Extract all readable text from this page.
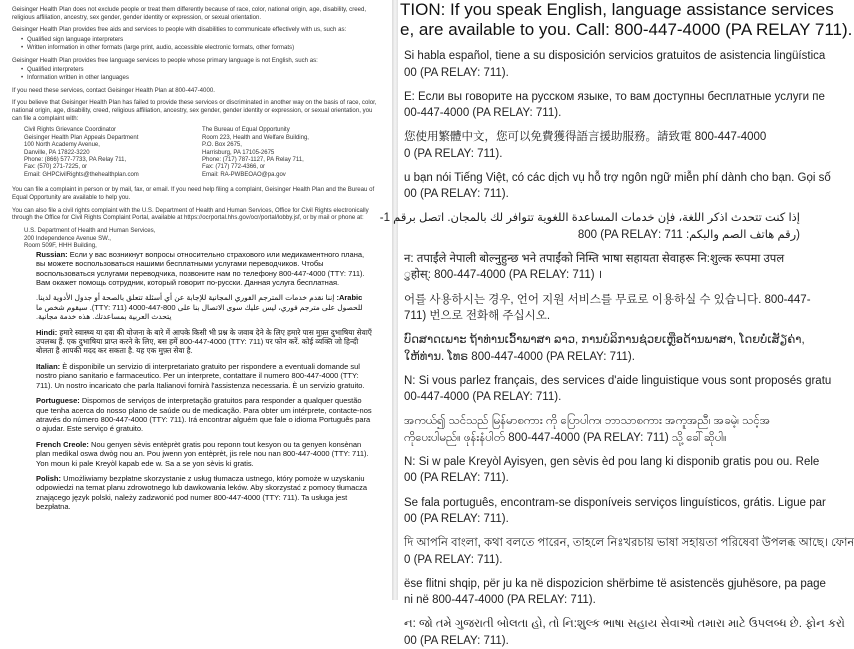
Geisinger Health Plan does not exclude people or treat them differently because of race, color, national origin, age, disability, creed, religious affiliation, ancestry, sex gender, gender identity or expression, or sexual orientation.

Geisinger Health Plan provides free aids and services to people with disabilities to communicate effectively with us, such as:

• Qualified sign language interpreters
• Written information in other formats (large print, audio, accessible electronic formats, other formats)

Geisinger Health Plan provides free language services to people whose primary language is not English, such as:

• Qualified interpreters
• Information written in other languages

If you need these services, contact Geisinger Health Plan at 800-447-4000.

If you believe that Geisinger Health Plan has failed to provide these services or discriminated in another way on the basis of race, color, national origin, age, disability, creed, religious affiliation, ancestry, sex gender, gender identity or expression, or sexual orientation, you can file a complaint with:

Civil Rights Grievance Coordinator
Geisinger Health Plan Appeals Department
100 North Academy Avenue,
Danville, PA 17822-3220
Phone: (866) 577-7733, PA Relay 711,
Fax: (570) 271-7225, or
Email: GHPCivilRights@thehealthplan.com
The Bureau of Equal Opportunity
Room 223, Health and Welfare Building,
P.O. Box 2675,
Harrisburg, PA 17105-2675
Phone: (717) 787-1127, PA Relay 711,
Fax: (717) 772-4366, or
Email: RA-PWBEOAO@pa.gov

You can file a complaint in person or by mail, fax, or email. If you need help filing a complaint, Geisinger Health Plan and the Bureau of Equal Opportunity are available to help you.

You can also file a civil rights complaint with the U.S. Department of Health and Human Services, Office for Civil Rights electronically through the Office for Civil Rights Complaint Portal, available at https://ocrportal.hhs.gov/ocr/portal/lobby.jsf, or by mail or phone at:

U.S. Department of Health and Human Services,
200 Independence Avenue SW.,
Room 509F, HHH Building,

Russian: Если у вас возникнут вопросы относительно страхового или медикаментного плана, вы можете воспользоваться нашими бесплатными услугами переводчиков. Чтобы воспользоваться услугами переводчика, позвоните нам по телефону 800-447-4000 (TTY: 711). Вам окажет помощь сотрудник, который говорит по-русски. Данная услуга бесплатная.

Arabic: إننا نقدم خدمات المترجم الفوري المجانية للإجابة عن أي أسئلة تتعلق بالصحة أو جدول الأدوية لدينا. للحصول على مترجم فوري، ليس عليك سوى الاتصال بنا على 800-447-4000 (TTY: 711). سيقوم شخص ما يتحدث العربية بمساعدتك. هذه خدمة مجانية.

Hindi: हमारे स्वास्थ्य या दवा की योजना के बारे में आपके किसी भी प्रश्न के जवाब देने के लिए हमारे पास मुफ़्त दुभाषिया सेवाएँ उपलब्ध हैं. एक दुभाषिया प्राप्त करने के लिए, बस हमें 800-447-4000 (TTY: 711) पर फोन करें. कोई व्यक्ति जो हिन्दी बोलता है आपकी मदद कर सकता है. यह एक मुफ़्त सेवा है.

Italian: È disponibile un servizio di interpretariato gratuito per rispondere a eventuali domande sul nostro piano sanitario e farmaceutico. Per un interprete, contattare il numero 800-447-4000 (TTY: 711). Un nostro incaricato che parla Italianovi fornirà l'assistenza necessaria. È un servizio gratuito.

Portuguese: Dispomos de serviços de interpretação gratuitos para responder a qualquer questão que tenha acerca do nosso plano de saúde ou de medicação. Para obter um intérprete, contacte-nos através do número 800-447-4000 (TTY: 711). Irá encontrar alguém que fale o idioma Português para o ajudar. Este serviço é gratuito.

French Creole: Nou genyen sèvis entèprèt gratis pou reponn tout kesyon ou ta genyen konsènan plan medikal oswa dwòg nou an. Pou jwenn yon entèprèt, jis rele nou nan 800-447-4000 (TTY: 711). Yon moun ki pale Kreyòl kapab ede w. Sa a se yon sèvis ki gratis.

Polish: Umożliwiamy bezpłatne skorzystanie z usług tłumacza ustnego, który pomoże w uzyskaniu odpowiedzi na temat planu zdrowotnego lub dawkowania leków. Aby skorzystać z pomocy tłumacza znającego język polski, należy zadzwonić pod numer 800-447-4000 (TTY: 711). Ta usługa jest bezpłatna.

TION: If you speak English, language assistance services
e, are available to you. Call: 800-447-4000 (PA RELAY 711).
Si habla español, tiene a su disposición servicios gratuitos de asistencia lingüística
00 (PA RELAY: 711).
Е: Если вы говорите на русском языке, то вам доступны бесплатные услуги пе
00-447-4000 (PA RELAY: 711).
您使用繁體中文，您可以免費獲得語言援助服務。請致電 800-447-4000
0 (PA RELAY: 711).
u bạn nói Tiếng Việt, có các dịch vụ hỗ trợ ngôn ngữ miễn phí dành cho bạn. Gọi số
00 (PA RELAY: 711).
إذا كنت تتحدث اذكر اللغة، فإن خدمات المساعدة اللغوية تتوافر لك بالمجان. اتصل برقم 1-
(رقم هاتف الصم والبكم: 711 :PA RELAY) 800
न: तपाईंले नेपाली बोल्नुहुन्छ भने तपाईंको निम्ति भाषा सहायता सेवाहरू नि:शुल्क रूपमा उपल
ुहोस्: 800-447-4000 (PA RELAY: 711) ।
어를 사용하시는 경우, 언어 지원 서비스를 무료로 이용하실 수 있습니다. 800-447-
711) 번으로 전화해 주십시오.
ບົດສາດເພາະ ຖ້າທ່ານເວົ້າພາສາ ລາວ, ການບໍລິການຊ່ວຍເຫຼືອດ້ານພາສາ, ໂດຍບໍ່ເສັຽຄ່າ,
ໃຫ້ທ່ານ. ໂທຣ 800-447-4000 (PA RELAY: 711).
N: Si vous parlez français, des services d'aide linguistique vous sont proposés gratu
00-447-4000 (PA RELAY: 711).
အကယ်၍ သင်သည် မြန်မာစကား ကို ပြောပါက၊ ဘာသာစကား အကူအညီ၊ အခမဲ့၊ သင့်အ
ကိုပေးပါမည်။ ဖုန်းနံပါတ် 800-447-4000 (PA RELAY: 711) သို့ ခေါ်ဆိုပါ။
N: Si w pale Kreyòl Ayisyen, gen sèvis èd pou lang ki disponib gratis pou ou. Rele
00 (PA RELAY: 711).
Se fala português, encontram-se disponíveis serviços linguísticos, grátis. Ligue par
00 (PA RELAY: 711).
দি আপনি বাংলা, কথা বলতে পারেন, তাহলে নিঃখরচায় ভাষা সহায়তা পরিষেবা উপলব্ধ আছে। ফোন
0 (PA RELAY: 711).
ëse flitni shqip, për ju ka në dispozicion shërbime të asistencës gjuhësore, pa page
ni në 800-447-4000 (PA RELAY: 711).
ન: જો તમે ગુજરાતી બોલતા હો, તો નિ:શુલ્ક ભાષા સહાય સેવાઓ તમારા માટે ઉપલબ્ધ છે. ફોન કરો
00 (PA RELAY: 711).
